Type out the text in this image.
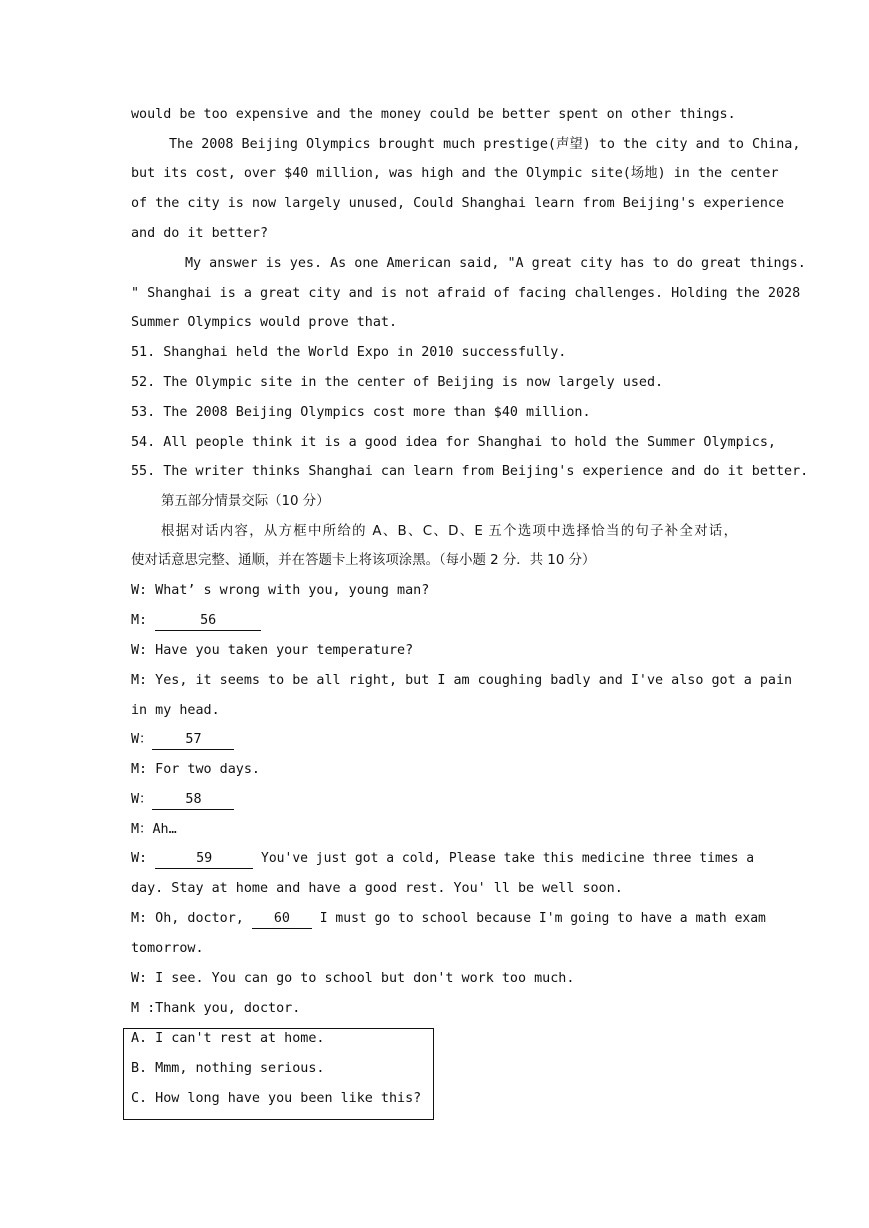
would be too expensive and the money could be better spent on other things.
The 2008 Beijing Olympics brought much prestige(声望) to the city and to China,
but its cost, over $40 million, was high and the Olympic site(场地) in the center
of the city is now largely unused, Could Shanghai learn from Beijing's experience
and do it better?
My answer is yes. As one American said, "A great city has to do great things.
" Shanghai is a great city and is not afraid of facing challenges. Holding the 2028
Summer Olympics would prove that.
51. Shanghai held the World Expo in 2010 successfully.
52. The Olympic site in the center of Beijing is now largely used.
53. The 2008 Beijing Olympics cost more than $40 million.
54. All people think it is a good idea for Shanghai to hold the Summer Olympics,
55. The writer thinks Shanghai can learn from Beijing's experience and do it better.
第五部分情景交际（10 分）
根据对话内容，从方框中所给的 A、B、C、D、E 五个选项中选择恰当的句子补全对话，
使对话意思完整、通顺，并在答题卡上将该项涂黑。（每小题 2 分．共 10 分）
W: What’ s wrong with you, young man?
M:	56
W: Have you taken your temperature?
M: Yes, it seems to be all right, but I am coughing badly and I've also got a pain
in my head.
W： 57
M: For two days.
W： 58
M：Ah…
W:	59	You've just got a cold, Please take this medicine three times a
day. Stay at home and have a good rest. You' ll be well soon.
M: Oh, doctor, 60 I must go to school because I'm going to have a math exam
tomorrow.
W: I see. You can go to school but don't work too much.
M :Thank you, doctor.
A. I can't rest at home.
B. Mmm, nothing serious.
C. How long have you been like this?
